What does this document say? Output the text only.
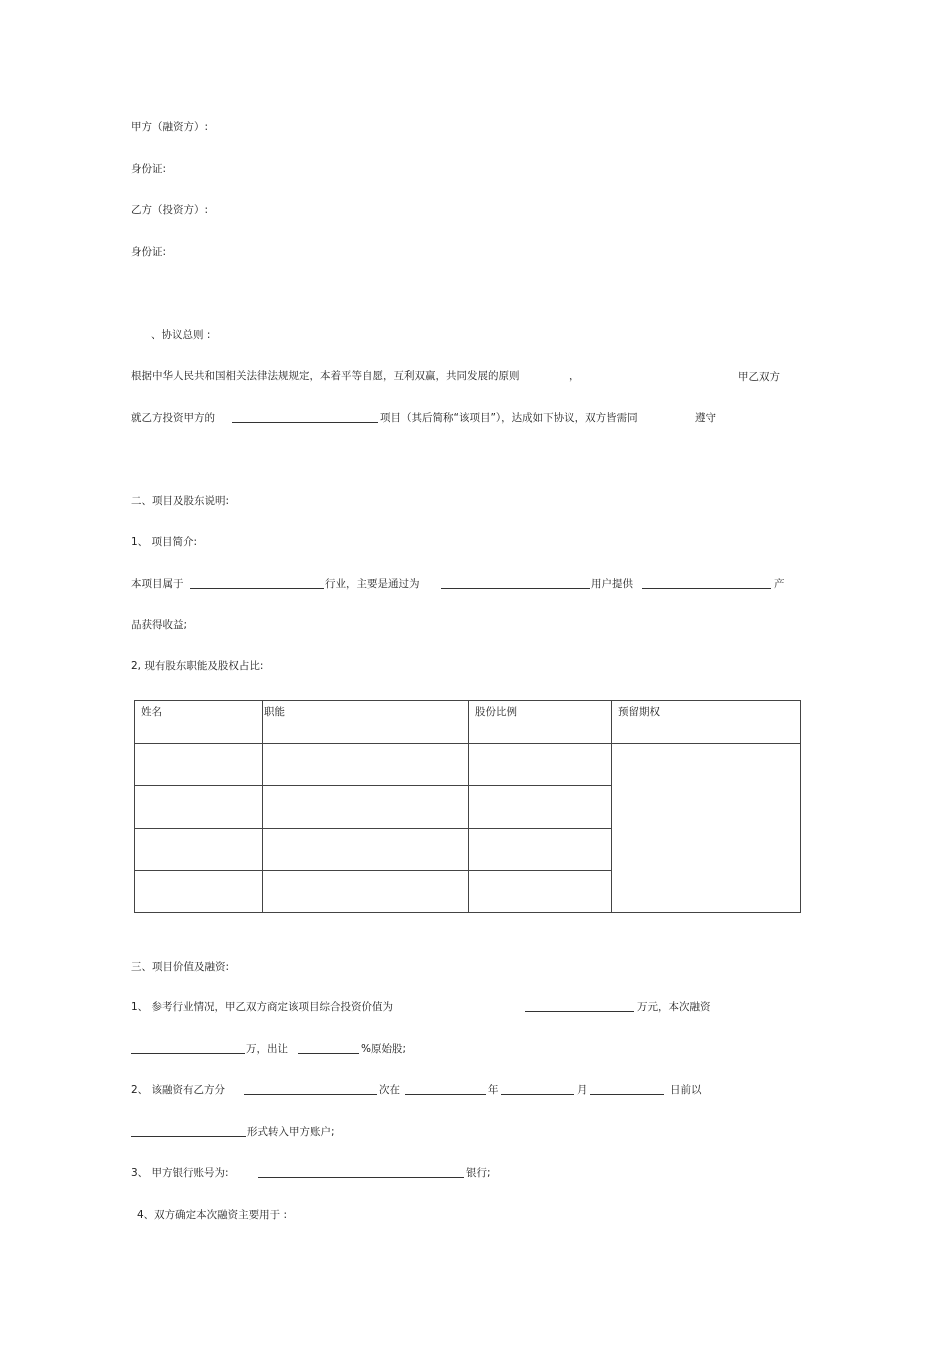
甲方（融资方）:
身份证:
乙方（投资方）:
身份证:
、协议总则 :
根据中华人民共和国相关法律法规规定，本着平等自愿，互利双赢，共同发展的原则	，	甲乙双方
就乙方投资甲方的	项目（其后简称“该项目”），达成如下协议，双方皆需同	遵守
二、项目及股东说明:
1、 项目简介:
本项目属于	行业，主要是通过为	用户提供	产
品获得收益;
2, 现有股东职能及股权占比:
姓名	职能	股份比例	预留期权

三、项目价值及融资:
1、 参考行业情况，甲乙双方商定该项目综合投资价值为	万元，本次融资
万，出让	%原始股;
2、 该融资有乙方分	次在	年	月	日前以
形式转入甲方账户;
3、 甲方银行账号为:	银行;
4、双方确定本次融资主要用于 :
